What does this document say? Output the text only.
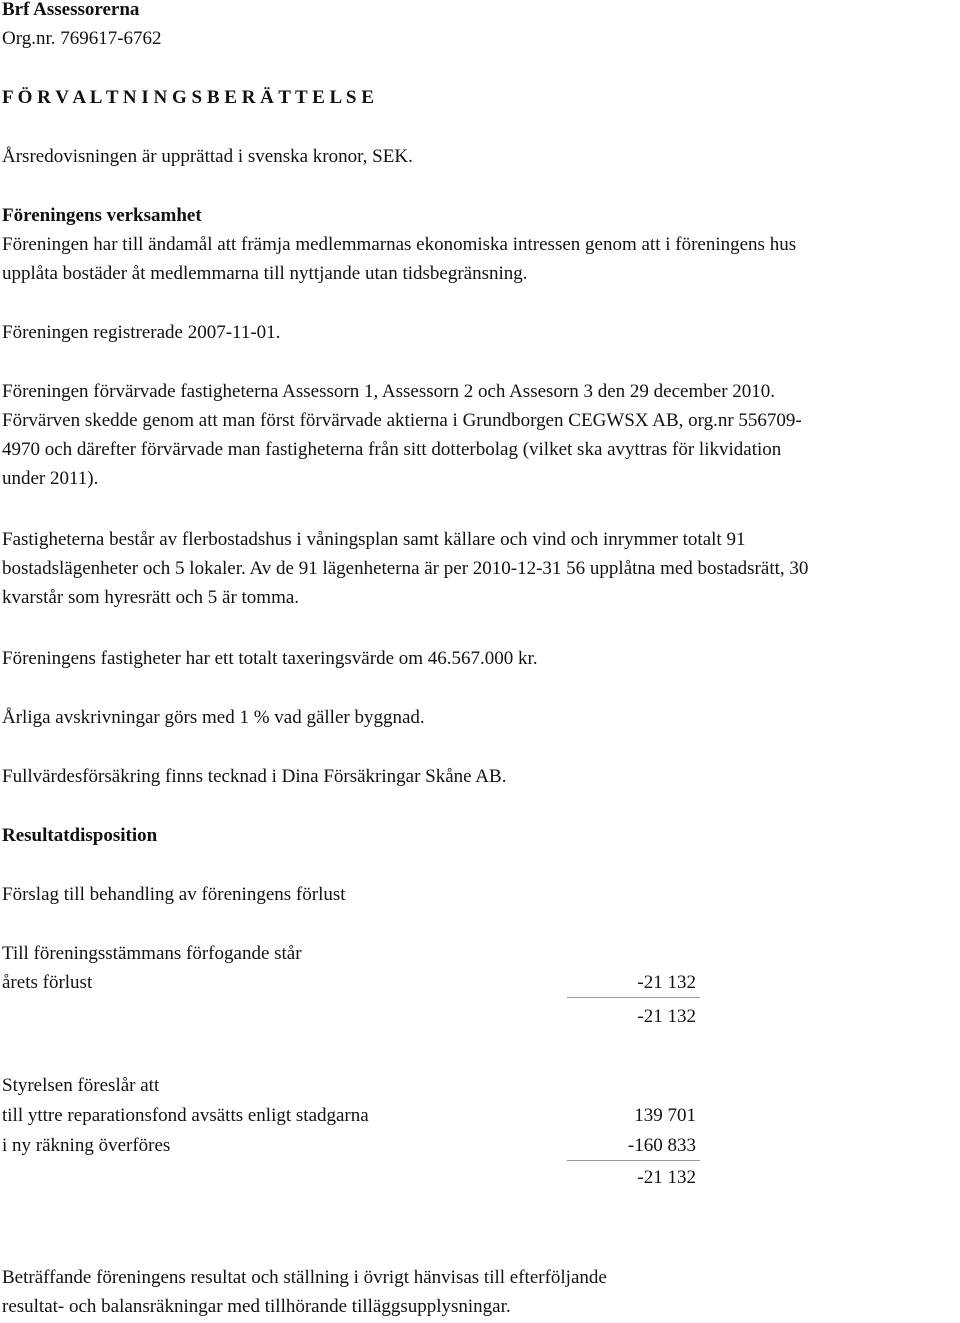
Brf Assessorerna
Org.nr. 769617-6762
F Ö R V A L T N I N G S B E R Ä T T E L S E
Årsredovisningen är upprättad i svenska kronor, SEK.
Föreningens verksamhet
Föreningen har till ändamål att främja medlemmarnas ekonomiska intressen genom att i föreningens hus
upplåta bostäder åt medlemmarna till nyttjande utan tidsbegränsning.
Föreningen registrerade 2007-11-01.
Föreningen förvärvade fastigheterna Assessorn 1, Assessorn 2 och Assesorn 3 den 29 december 2010.
Förvärven skedde genom att man först förvärvade aktierna i Grundborgen CEGWSX AB, org.nr 556709-
4970 och därefter förvärvade man fastigheterna från sitt dotterbolag (vilket ska avyttras för likvidation
under 2011).
Fastigheterna består av flerbostadshus i våningsplan samt källare och vind och inrymmer totalt 91
bostadslägenheter och 5 lokaler. Av de 91 lägenheterna är per 2010-12-31 56 upplåtna med bostadsrätt, 30
kvarstår som hyresrätt och 5 är tomma.
Föreningens fastigheter har ett totalt taxeringsvärde om 46.567.000 kr.
Årliga avskrivningar görs med 1 % vad gäller byggnad.
Fullvärdesförsäkring finns tecknad i Dina Försäkringar Skåne AB.
Resultatdisposition
Förslag till behandling av föreningens förlust
Till föreningsstämmans förfogande står
årets förlust	-21 132
-21 132
Styrelsen föreslår att
till yttre reparationsfond avsätts enligt stadgarna	139 701
i ny räkning överföres	-160 833
-21 132
Beträffande föreningens resultat och ställning i övrigt hänvisas till efterföljande
resultat- och balansräkningar med tillhörande tilläggsupplysningar.
